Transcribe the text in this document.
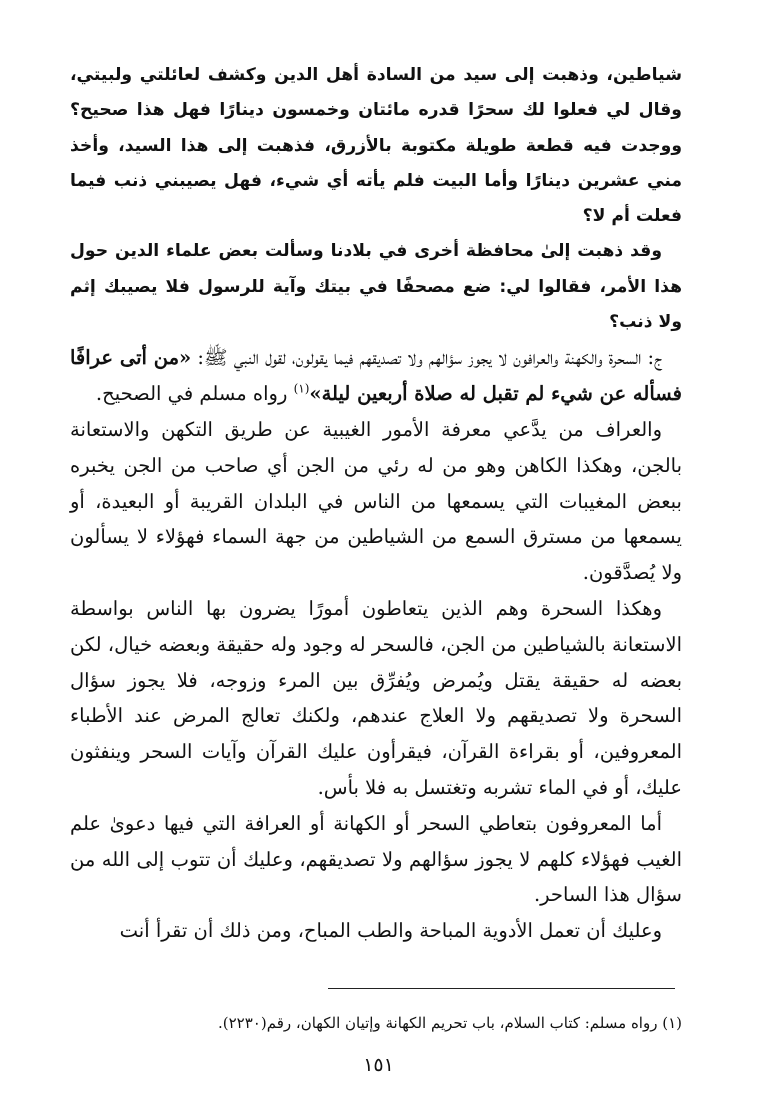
شياطين، وذهبت إلى سيد من السادة أهل الدين وكشف لعائلتي ولبيتي، وقال لي فعلوا لك سحرًا قدره مائتان وخمسون دينارًا فهل هذا صحيح؟ ووجدت فيه قطعة طويلة مكتوبة بالأزرق، فذهبت إلى هذا السيد، وأخذ مني عشرين دينارًا وأما البيت فلم يأته أي شيء، فهل يصيبني ذنب فيما فعلت أم لا؟

وقد ذهبت إلىٰ محافظة أخرى في بلادنا وسألت بعض علماء الدين حول هذا الأمر، فقالوا لي: ضع مصحفًا في بيتك وآية للرسول فلا يصيبك إثم ولا ذنب؟

ج: السحرة والكهنة والعرافون لا يجوز سؤالهم ولا تصديقهم فيما يقولون، لقول النبي ﷺ: «من أتى عرافًا فسأله عن شيء لم تقبل له صلاة أربعين ليلة»$^{(١)}$ رواه مسلم في الصحيح.

والعراف من يدَّعي معرفة الأمور الغيبية عن طريق التكهن والاستعانة بالجن، وهكذا الكاهن وهو من له رئي من الجن أي صاحب من الجن يخبره ببعض المغيبات التي يسمعها من الناس في البلدان القريبة أو البعيدة، أو يسمعها من مسترق السمع من الشياطين من جهة السماء فهؤلاء لا يسألون ولا يُصدَّقون.

وهكذا السحرة وهم الذين يتعاطون أمورًا يضرون بها الناس بواسطة الاستعانة بالشياطين من الجن، فالسحر له وجود وله حقيقة وبعضه خيال، لكن بعضه له حقيقة يقتل ويُمرض ويُفرِّق بين المرء وزوجه، فلا يجوز سؤال السحرة ولا تصديقهم ولا العلاج عندهم، ولكنك تعالج المرض عند الأطباء المعروفين، أو بقراءة القرآن، فيقرأون عليك القرآن وآيات السحر وينفثون عليك، أو في الماء تشربه وتغتسل به فلا بأس.

أما المعروفون بتعاطي السحر أو الكهانة أو العرافة التي فيها دعوىٰ علم الغيب فهؤلاء كلهم لا يجوز سؤالهم ولا تصديقهم، وعليك أن تتوب إلى الله من سؤال هذا الساحر.

وعليك أن تعمل الأدوية المباحة والطب المباح، ومن ذلك أن تقرأ أنت

(١) رواه مسلم: كتاب السلام، باب تحريم الكهانة وإتيان الكهان، رقم(٢٢٣٠).
١٥١
